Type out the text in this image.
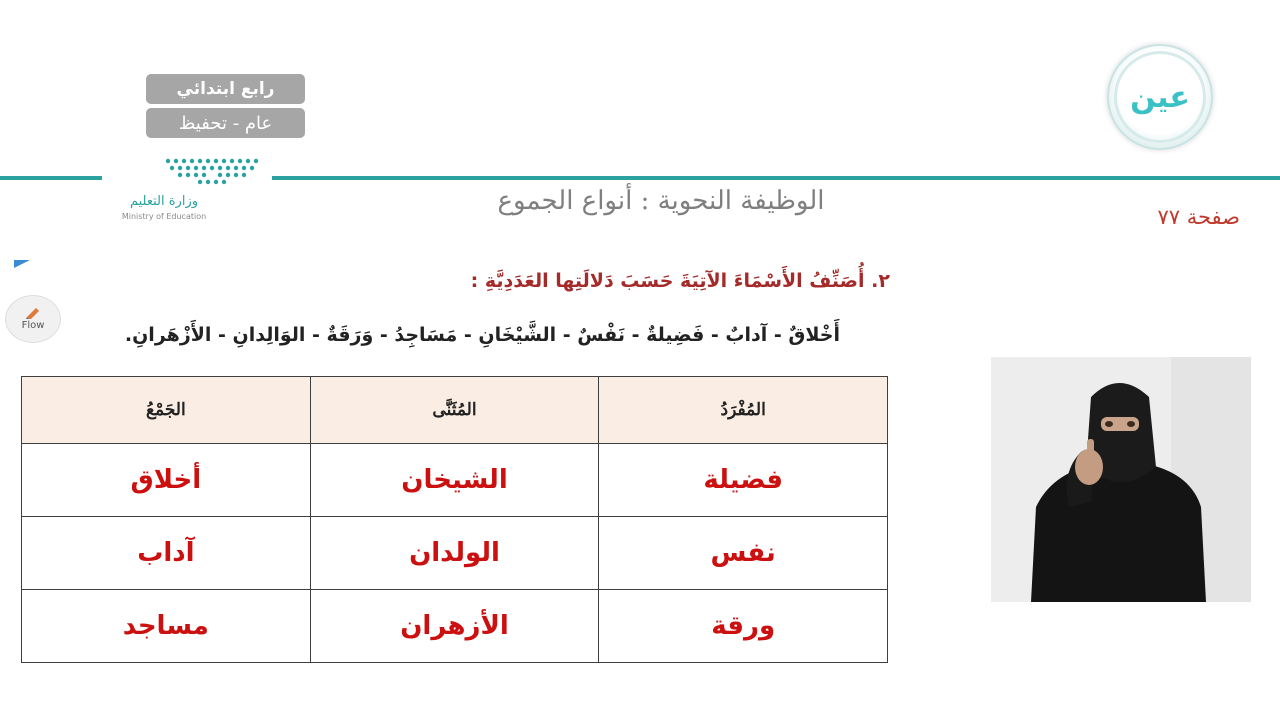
رابع ابتدائي
عام - تحفيظ
وزارة التعليم
Ministry of Education
عين
الوظيفة النحوية : أنواع الجموع
صفحة ٧٧
Flow
٢. أُصَنِّفُ الأَسْمَاءَ الآتِيَةَ حَسَبَ دَلالَتِها العَدَدِيَّةِ :
أَخْلاقٌ - آدابٌ - فَضِيلةٌ - نَفْسٌ - الشَّيْخَانِ - مَسَاجِدُ - وَرَقَةٌ - الوَالِدانِ - الأَزْهَرانِ.
المُفْرَدُ	المُثَنَّى	الجَمْعُ
فضيلة	الشيخان	أخلاق
نفس	الولدان	آداب
ورقة	الأزهران	مساجد
